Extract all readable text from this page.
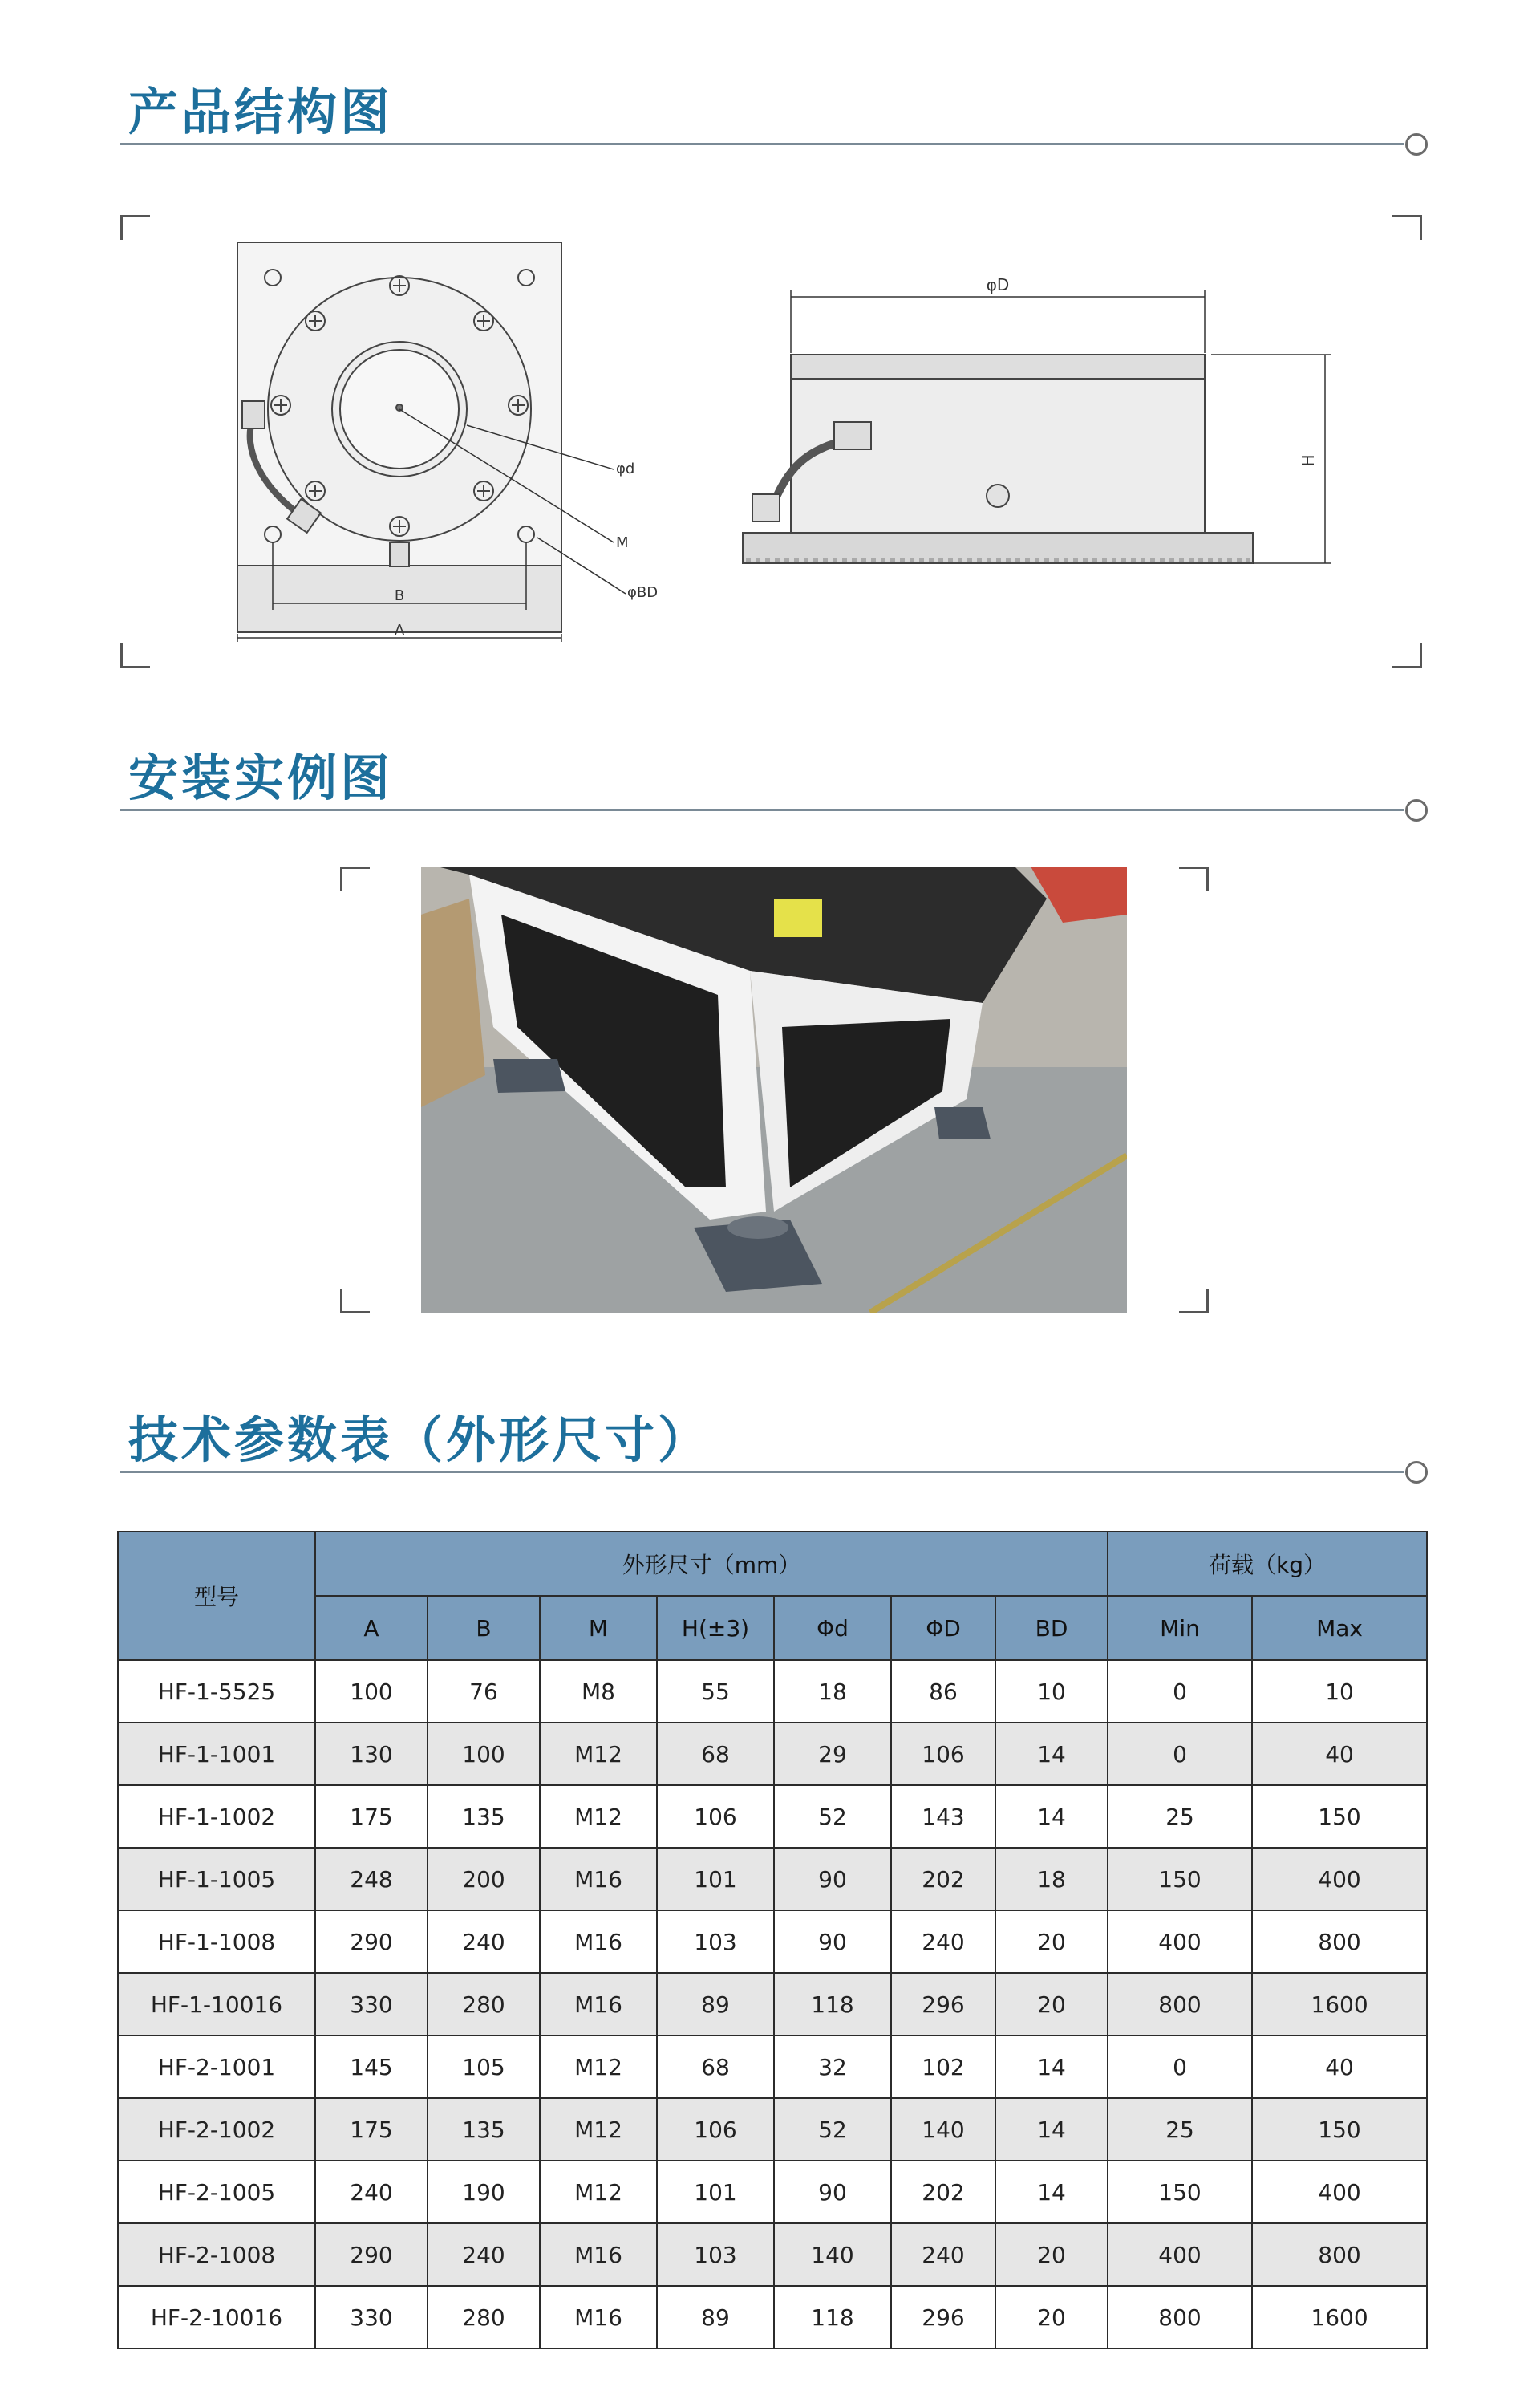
产品结构图
B
A
φd
M
φBD
φD
H
安装实例图
技术参数表（外形尺寸）
型号	外形尺寸（mm）							荷载（kg）	
	A	B	M	H(±3)	Φd	ΦD	BD	Min	Max
HF-1-5525	100	76	M8	55	18	86	10	0	10
HF-1-1001	130	100	M12	68	29	106	14	0	40
HF-1-1002	175	135	M12	106	52	143	14	25	150
HF-1-1005	248	200	M16	101	90	202	18	150	400
HF-1-1008	290	240	M16	103	90	240	20	400	800
HF-1-10016	330	280	M16	89	118	296	20	800	1600
HF-2-1001	145	105	M12	68	32	102	14	0	40
HF-2-1002	175	135	M12	106	52	140	14	25	150
HF-2-1005	240	190	M12	101	90	202	14	150	400
HF-2-1008	290	240	M16	103	140	240	20	400	800
HF-2-10016	330	280	M16	89	118	296	20	800	1600
